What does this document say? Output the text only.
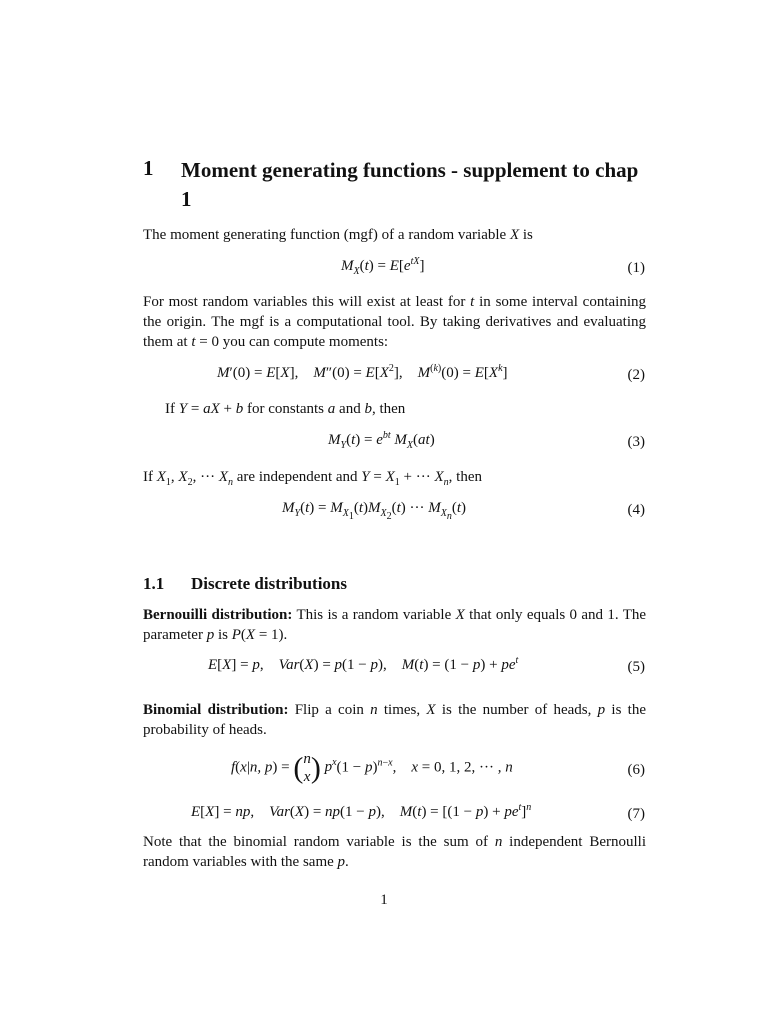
1 Moment generating functions - supplement to chap 1
The moment generating function (mgf) of a random variable X is
$M_X(t) = E[e^{tX}]$	(1)
For most random variables this will exist at least for t in some interval containing the origin. The mgf is a computational tool. By taking derivatives and evaluating them at t = 0 you can compute moments:
M′(0) = E[X],    $M''(0) = E[X^2]$,    $M^{(k)}(0) = E[X^k]$	(2)
If Y = aX + b for constants a and b, then
$M_Y(t) = e^{bt}$ $M_X(at)$	(3)
If $X_1$, $X_2$, ··· $X_n$ are independent and $Y = X_1$ + ··· $X_n$, then
$M_Y(t) = M_{X_1}(t)M_{X_2}(t)$ ··· $M_{X_n}(t)$	(4)
1.1 Discrete distributions
Bernouilli distribution: This is a random variable X that only equals 0 and 1. The parameter p is P(X = 1).
E[X] = p,    Var(X) = p(1 − p),    $M(t) = (1 - p) + pe^t$	(5)
Binomial distribution: Flip a coin n times, X is the number of heads, p is the probability of heads.
f(x|n, p) = (n
x) $p^x(1 - p)^{n-x}$,    x = 0, 1, 2, ··· , n	(6)
E[X] = np,    Var(X) = np(1 − p),    $M(t) = [(1 - p) + pe^t]^n$	(7)
Note that the binomial random variable is the sum of n independent Bernoulli random variables with the same p.
1
